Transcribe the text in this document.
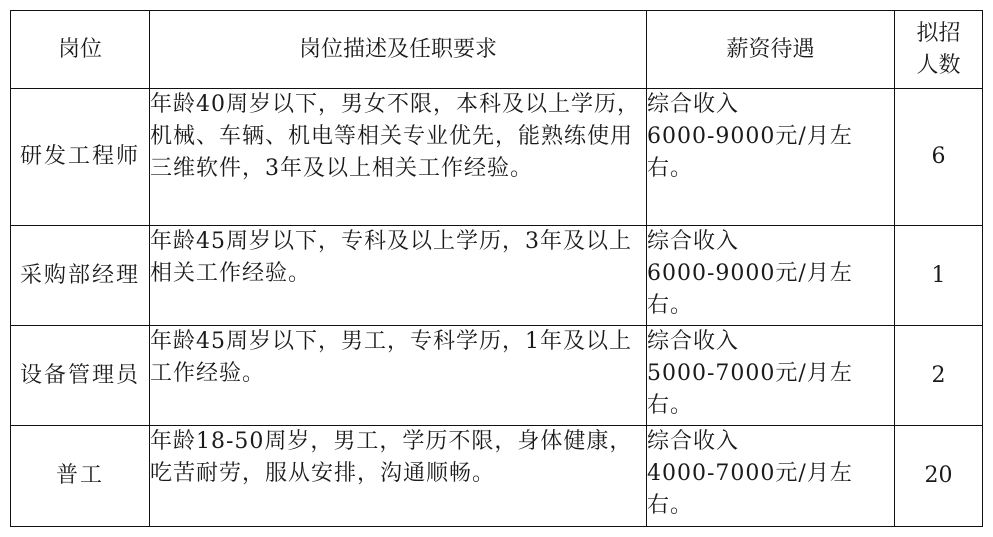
岗位	岗位描述及任职要求	薪资待遇	拟招
人数

研发工程师	年龄40周岁以下，男女不限，本科及以上学历，机械、车辆、机电等相关专业优先，能熟练使用三维软件，3年及以上相关工作经验。	综合收入
6000-9000元/月左右。	6
采购部经理	年龄45周岁以下，专科及以上学历，3年及以上相关工作经验。	综合收入
6000-9000元/月左右。	1
设备管理员	年龄45周岁以下，男工，专科学历，1年及以上工作经验。	综合收入
5000-7000元/月左右。	2
普工	年龄18-50周岁，男工，学历不限，身体健康，吃苦耐劳，服从安排，沟通顺畅。	综合收入
4000-7000元/月左右。	20
